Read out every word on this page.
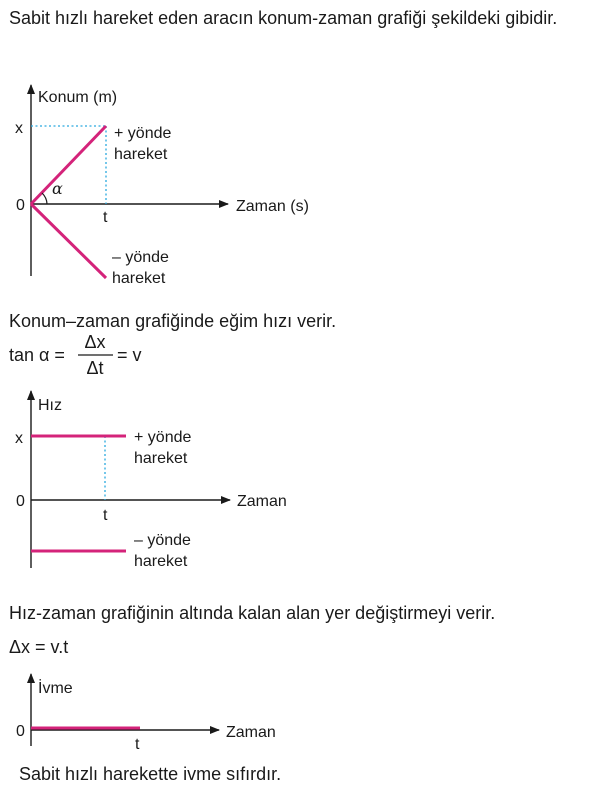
Sabit hızlı hareket eden aracın konum-zaman grafiği şekildeki gibidir.
Konum (m)
Zaman (s)
x
0
t
α
+ yönde
hareket
– yönde
hareket
Konum–zaman grafiğinde eğim hızı verir.
tan α =
Δx
Δt
= v
Hız
Zaman
x
0
t
+ yönde
hareket
– yönde
hareket
Hız-zaman grafiğinin altında kalan alan yer değiştirmeyi verir.
Δx = v.t
İvme
Zaman
0
t
Sabit hızlı harekette ivme sıfırdır.
